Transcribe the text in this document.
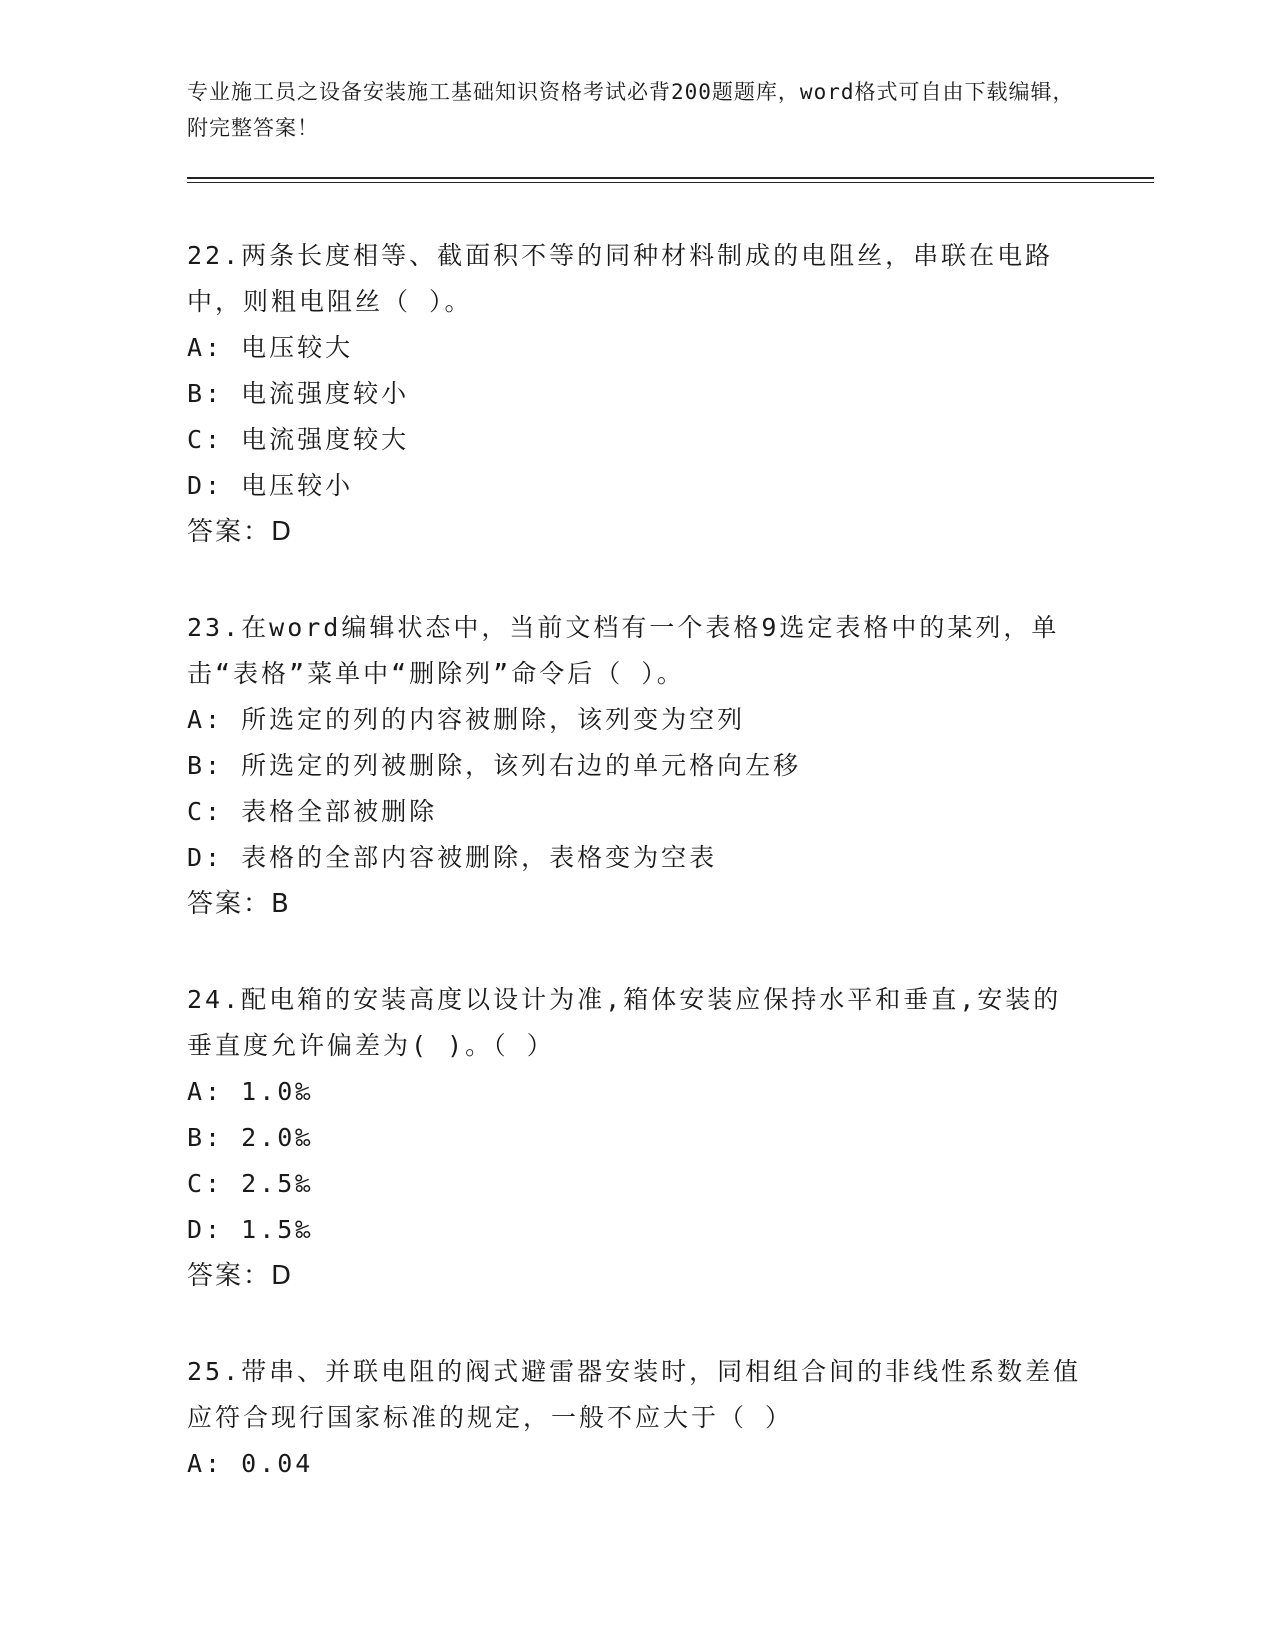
专业施工员之设备安装施工基础知识资格考试必背200题题库，word格式可自由下载编辑，附完整答案！

22.两条长度相等、截面积不等的同种材料制成的电阻丝，串联在电路中，则粗电阻丝（ ）。

A: 电压较大

B: 电流强度较小

C: 电流强度较大

D: 电压较小

答案：D

23.在word编辑状态中，当前文档有一个表格9选定表格中的某列，单击“表格”菜单中“删除列”命令后（ ）。

A: 所选定的列的内容被删除，该列变为空列

B: 所选定的列被删除，该列右边的单元格向左移

C: 表格全部被删除

D: 表格的全部内容被删除，表格变为空表

答案：B

24.配电箱的安装高度以设计为准,箱体安装应保持水平和垂直,安装的垂直度允许偏差为( )。（ ）

A: 1.0‰

B: 2.0‰

C: 2.5‰

D: 1.5‰

答案：D

25.带串、并联电阻的阀式避雷器安装时，同相组合间的非线性系数差值应符合现行国家标准的规定，一般不应大于（ ）

A: 0.04
